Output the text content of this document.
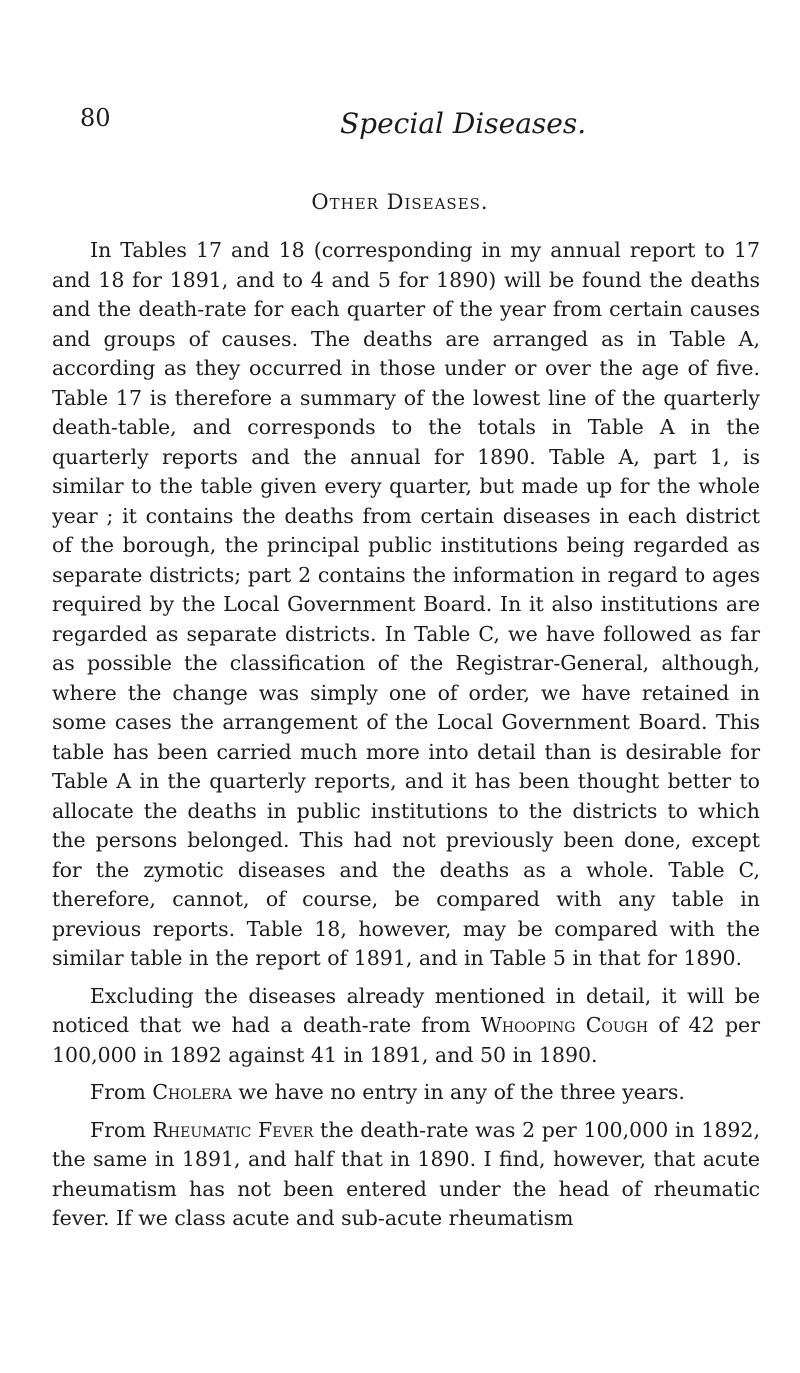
80	Special Diseases.
Other Diseases.

In Tables 17 and 18 (corresponding in my annual report to 17 and 18 for 1891, and to 4 and 5 for 1890) will be found the deaths and the death-rate for each quarter of the year from certain causes and groups of causes. The deaths are arranged as in Table A, according as they occurred in those under or over the age of five. Table 17 is therefore a summary of the lowest line of the quarterly death-table, and corresponds to the totals in Table A in the quarterly reports and the annual for 1890. Table A, part 1, is similar to the table given every quarter, but made up for the whole year ; it contains the deaths from certain diseases in each district of the borough, the principal public institutions being regarded as separate districts; part 2 contains the information in regard to ages required by the Local Government Board. In it also institutions are regarded as separate districts. In Table C, we have followed as far as possible the classification of the Registrar-General, although, where the change was simply one of order, we have retained in some cases the arrangement of the Local Government Board. This table has been carried much more into detail than is desirable for Table A in the quarterly reports, and it has been thought better to allocate the deaths in public institutions to the districts to which the persons belonged. This had not previously been done, except for the zymotic diseases and the deaths as a whole. Table C, therefore, cannot, of course, be compared with any table in previous reports. Table 18, however, may be compared with the similar table in the report of 1891, and in Table 5 in that for 1890.

Excluding the diseases already mentioned in detail, it will be noticed that we had a death-rate from Whooping Cough of 42 per 100,000 in 1892 against 41 in 1891, and 50 in 1890.

From Cholera we have no entry in any of the three years.

From Rheumatic Fever the death-rate was 2 per 100,000 in 1892, the same in 1891, and half that in 1890. I find, however, that acute rheumatism has not been entered under the head of rheumatic fever. If we class acute and sub-acute rheumatism
